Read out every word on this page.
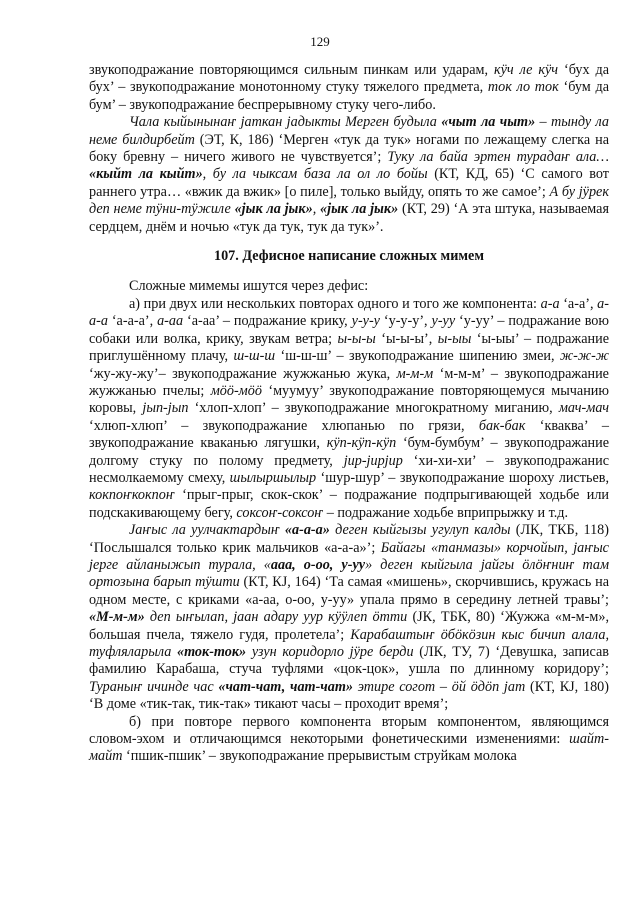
129

звукоподражание повторяющимся сильным пинкам или ударам, кӱч ле кӱч ‘бух да бух’ – звукоподражание монотонному стуку тяжелого предмета, ток ло ток ‘бум да бум’ – звукоподражание беспрерывному стуку чего-либо.

Чала кыйынынаҥ jаткан jадыкты Мерген будыла «чыт ла чыт» – тынду ла неме билдирбейт (ЭТ, К, 186) ‘Мерген «тук да тук» ногами по лежащему слегка на боку бревну – ничего живого не чувствуется’; Туку ла байа эртен турадаҥ ала… «кыйт ла кыйт», бу ла чыксам база ла ол ло бойы (КТ, КД, 65) ‘С самого вот раннего утра… «вжик да вжик» [о пиле], только выйду, опять то же самое’; А бу jӱрек деп неме тӱни-тӱжиле «jык ла jык», «jык ла jык» (КТ, 29) ‘А эта штука, называемая сердцем, днём и ночью «тук да тук, тук да тук»’.

107. Дефисное написание сложных мимем

Сложные мимемы ишутся через дефис:

а) при двух или нескольких повторах одного и того же компонента: а-а ‘а-а’, а-а-а ‘а-а-а’, а-аа ‘а-аа’ – подражание крику, у-у-у ‘у-у-у’, у-уу ‘у-уу’ – подражание вою собаки или волка, крику, звукам ветра; ы-ы-ы ‘ы-ы-ы’, ы-ыы ‘ы-ыы’ – подражание приглушённому плачу, ш-ш-ш ‘ш-ш-ш’ – звукоподражание шипению змеи, ж-ж-ж ‘жу-жу-жу’– звукоподражание жужжанью жука, м-м-м ‘м-м-м’ – звукоподражание жужжанью пчелы; мӧӧ-мӧӧ ‘муумуу’ звукоподражание повторяющемуся мычанию коровы, jып-jып ‘хлоп-хлоп’ – звукоподражание многократному миганию, мач-мач ‘хлюп-хлюп’ – звукоподражание хлюпанью по грязи, бак-бак ‘кваква’ – звукоподражание кваканью лягушки, кӱп-кӱп-кӱп ‘бум-бумбум’ – звукоподражание долгому стуку по полому предмету, jир-jирjир ‘хи-хи-хи’ – звукоподражанис несмолкаемому смеху, шылыршылыр ‘шур-шур’ – звукоподражание шороху листьев, кокпоҥкокпоҥ ‘прыг-прыг, скок-скок’ – подражание подпрыгивающей ходьбе или подскакивающему бегу, соксоҥ-соксоҥ – подражание ходьбе вприпрыжку и т.д.

Jаҥыс ла уулчактардыҥ «а-а-а» деген кыйгызы угулуп калды (ЛК, ТКБ, 118) ‘Послышался только крик мальчиков «а-а-а»’; Байагы «танмазы» корчойып, jаҥыс jерге айланыжып турала, «ааа, о-оо, у-уу» деген кыйгыла jайгы ӧлӧҥниҥ там ортозына барып тӱшти (КТ, КJ, 164) ‘Та самая «мишень», скорчившись, кружась на одном месте, с криками «а-аа, о-оо, у-уу» упала прямо в середину летней травы’; «М-м-м» деп ыҥылап, jаан адару уур кӱӱлеп ӧтти (JК, ТБК, 80) ‘Жужжа «м-м-м», большая пчела, тяжело гудя, пролетела’; Карабаштыҥ ӧбӧкӧзин кыс бичип алала, туфляларыла «ток-ток» узун коридорло jӱре берди (ЛК, ТУ, 7) ‘Девушка, записав фамилию Карабаша, стуча туфлями «цок-цок», ушла по длинному коридору’; Тураныҥ ичинде час «чат-чат, чат-чат» этире согот – ӧй ӧдӧп jат (КТ, КJ, 180) ‘В доме «тик-так, тик-так» тикают часы – проходит время’;

б) при повторе первого компонента вторым компонентом, являющимся словом-эхом и отличающимся некоторыми фонетическими изменениями: шайт-майт ‘пшик-пшик’ – звукоподражание прерывистым струйкам молока
